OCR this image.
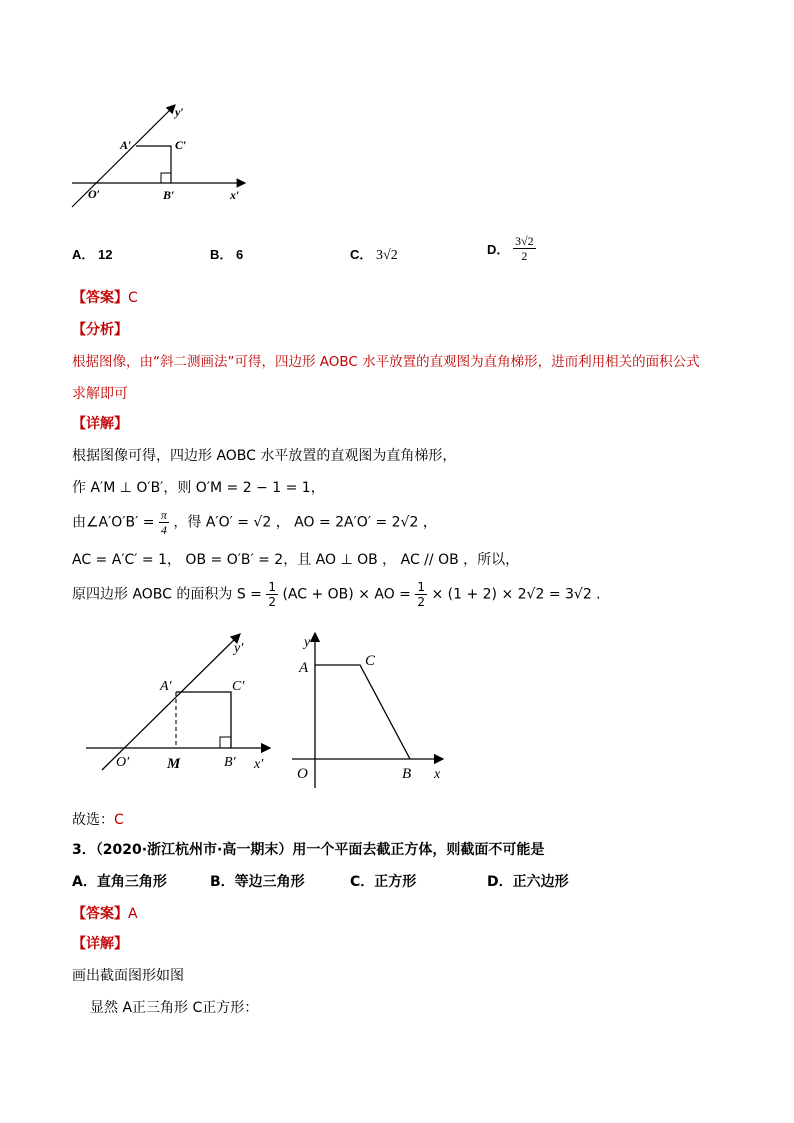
y′
A′	C′
O′	B′	x′
A． 12	B． 6	C． 3√2	D． $\frac{3√2}{2}$
【答案】C
【分析】
根据图像，由“斜二测画法”可得，四边形 AOBC 水平放置的直观图为直角梯形，进而利用相关的面积公式
求解即可
【详解】
根据图像可得，四边形 AOBC 水平放置的直观图为直角梯形，
作 A′M ⊥ O′B′，则 O′M = 2 − 1 = 1，
由∠A′O′B′ = $\frac{\pi}{4}$ ，得 A′O′ = √2 ， AO = 2A′O′ = 2√2 ，
AC = A′C′ = 1， OB = O′B′ = 2，且 AO ⊥ OB ， AC // OB ，所以，
原四边形 AOBC 的面积为 $S = \frac{1}{2} (AC + OB)$ × AO = $\frac{1}{2} \times (1 + 2) \times 2√2 = 3√2$ .
y′
A′	C′
O′	M	B′ x′
y
A	C
O	B x
故选：C
3．（2020·浙江杭州市·高一期末）用一个平面去截正方体，则截面不可能是
A．直角三角形	B．等边三角形	C．正方形	D．正六边形
【答案】A
【详解】
画出截面图形如图
显然 A正三角形 C正方形：
